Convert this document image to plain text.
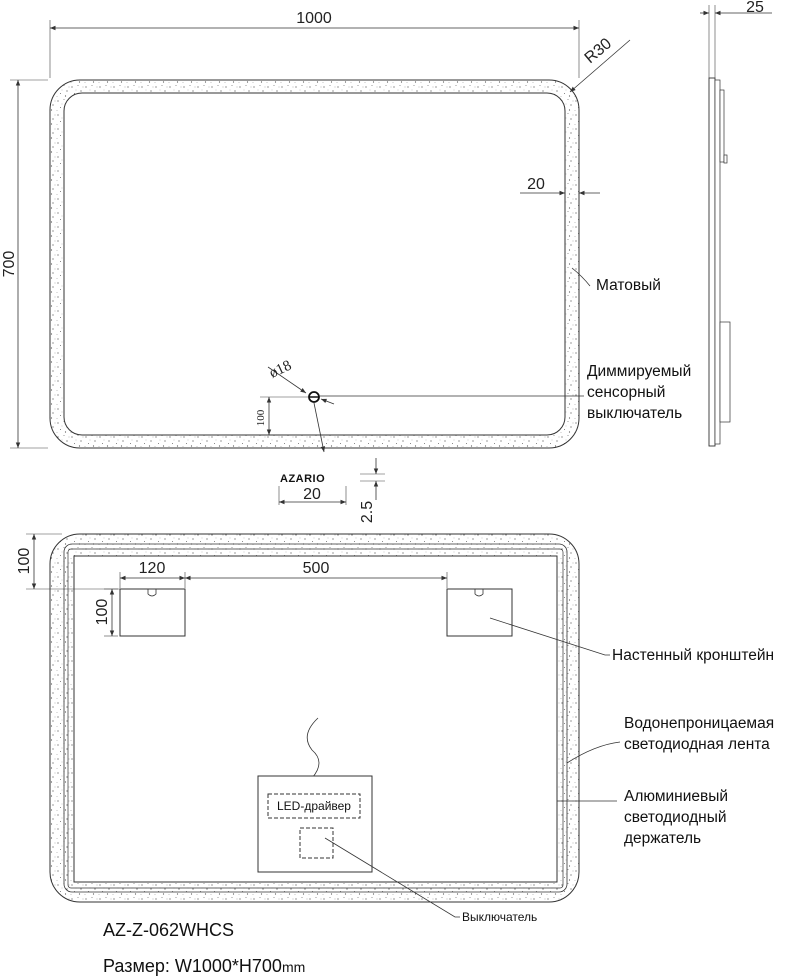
1000
700
R30
20
Матовый
ø18
100
Диммируемый
сенсорный
выключатель
25
AZARIO
20
2.5
100	120
100
500
Настенный кронштейн
Водонепроницаемая
светодиодная лента
Алюминиевый
светодиодный
держатель
LED-драйвер
Выключатель
AZ-Z-062WHCS
Размер: W1000*H700mm
